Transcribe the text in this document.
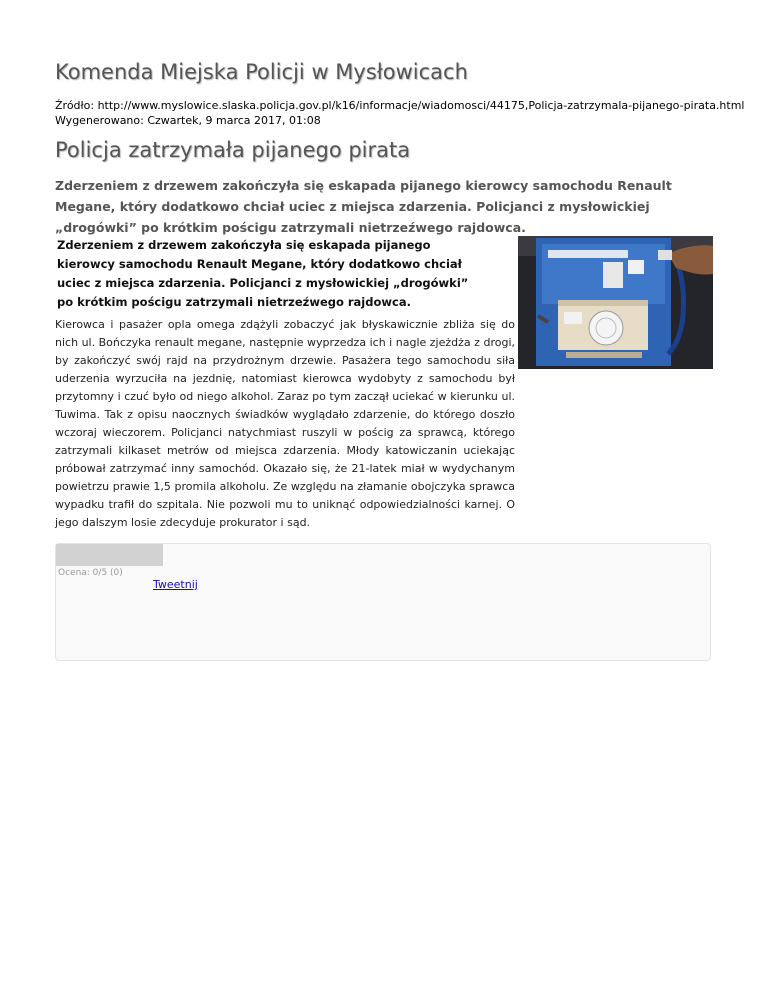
Komenda Miejska Policji w Mysłowicach
Źródło: http://www.myslowice.slaska.policja.gov.pl/k16/informacje/wiadomosci/44175,Policja-zatrzymala-pijanego-pirata.html
Wygenerowano: Czwartek, 9 marca 2017, 01:08
Policja zatrzymała pijanego pirata

Zderzeniem z drzewem zakończyła się eskapada pijanego kierowcy samochodu Renault Megane, który dodatkowo chciał uciec z miejsca zdarzenia. Policjanci z mysłowickiej „drogówki” po krótkim pościgu zatrzymali nietrzeźwego rajdowca.

Zderzeniem z drzewem zakończyła się eskapada pijanego kierowcy samochodu Renault Megane, który dodatkowo chciał uciec z miejsca zdarzenia. Policjanci z mysłowickiej „drogówki” po krótkim pościgu zatrzymali nietrzeźwego rajdowca.

Kierowca i pasażer opla omega zdążyli zobaczyć jak błyskawicznie zbliża się do nich ul. Bończyka renault megane, następnie wyprzedza ich i nagle zjeżdża z drogi, by zakończyć swój rajd na przydrożnym drzewie. Pasażera tego samochodu siła uderzenia wyrzuciła na jezdnię, natomiast kierowca wydobyty z samochodu był przytomny i czuć było od niego alkohol. Zaraz po tym zaczął uciekać w kierunku ul. Tuwima. Tak z opisu naocznych świadków wyglądało zdarzenie, do którego doszło wczoraj wieczorem. Policjanci natychmiast ruszyli w pościg za sprawcą, którego zatrzymali kilkaset metrów od miejsca zdarzenia. Młody katowiczanin uciekając próbował zatrzymać inny samochód. Okazało się, że 21-latek miał w wydychanym powietrzu prawie 1,5 promila alkoholu. Ze względu na złamanie obojczyka sprawca wypadku trafił do szpitala. Nie pozwoli mu to uniknąć odpowiedzialności karnej. O jego dalszym losie zdecyduje prokurator i sąd.

Ocena: 0/5 (0)
Tweetnij
